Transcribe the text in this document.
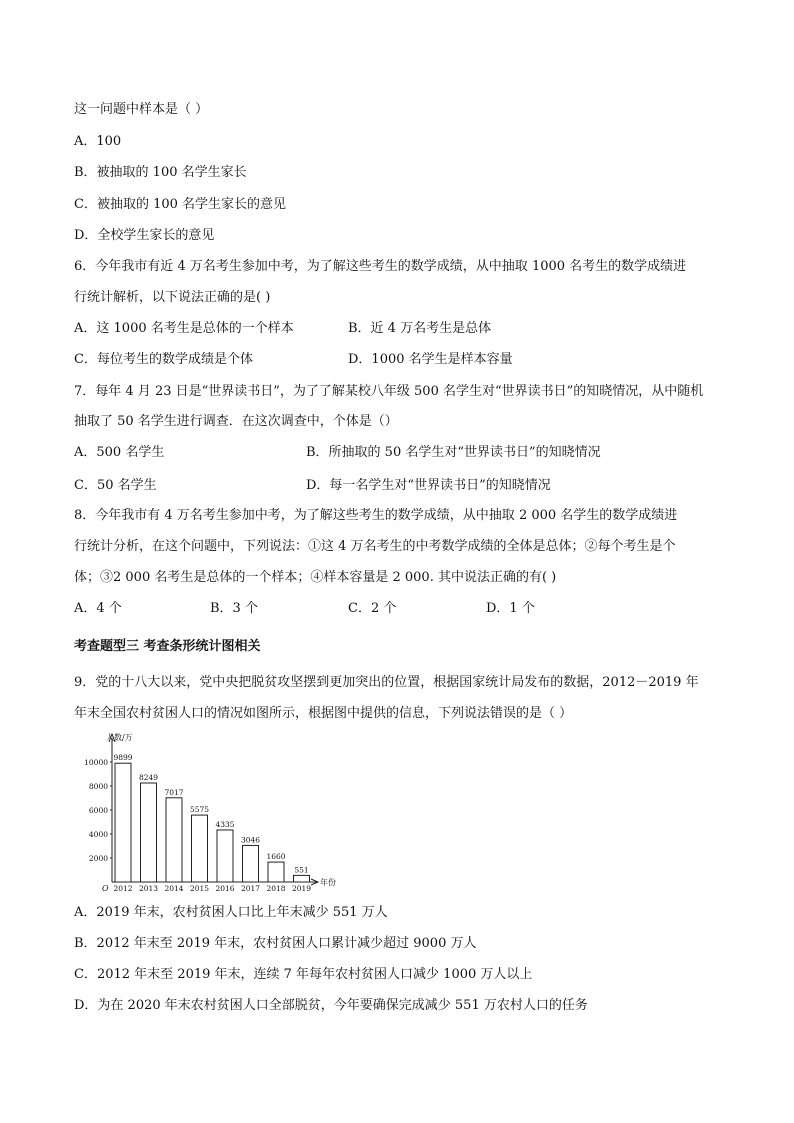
这一问题中样本是（ ）
A．100
B．被抽取的 100 名学生家长
C．被抽取的 100 名学生家长的意见
D．全校学生家长的意见
6．今年我市有近 4 万名考生参加中考，为了解这些考生的数学成绩，从中抽取 1000 名考生的数学成绩进
行统计解析，以下说法正确的是( )
A．这 1000 名考生是总体的一个样本	B．近 4 万名考生是总体
C．每位考生的数学成绩是个体	D．1000 名学生是样本容量
7．每年 4 月 23 日是“世界读书日”，为了了解某校八年级 500 名学生对“世界读书日”的知晓情况，从中随机
抽取了 50 名学生进行调查．在这次调查中，个体是（）
A．500 名学生	B．所抽取的 50 名学生对“世界读书日”的知晓情况
C．50 名学生	D．每一名学生对“世界读书日”的知晓情况
8．今年我市有 4 万名考生参加中考，为了解这些考生的数学成绩，从中抽取 2 000 名学生的数学成绩进
行统计分析，在这个问题中，下列说法：①这 4 万名考生的中考数学成绩的全体是总体；②每个考生是个
体；③2 000 名考生是总体的一个样本；④样本容量是 2 000. 其中说法正确的有( )
A．4 个	B．3 个	C．2 个	D．1 个
考查题型三 考查条形统计图相关
9．党的十八大以来，党中央把脱贫攻坚摆到更加突出的位置，根据国家统计局发布的数据，2012－2019 年
年末全国农村贫困人口的情况如图所示，根据图中提供的信息，下列说法错误的是（ ）
人数/万
年份
O
2000
4000
6000
8000
10000
9899
2012
8249
2013
7017
2014
5575
2015
4335
2016
3046
2017
1660
2018
551
2019
A．2019 年末，农村贫困人口比上年末减少 551 万人
B．2012 年末至 2019 年末，农村贫困人口累计减少超过 9000 万人
C．2012 年末至 2019 年末，连续 7 年每年农村贫困人口减少 1000 万人以上
D．为在 2020 年末农村贫困人口全部脱贫，今年要确保完成减少 551 万农村人口的任务
